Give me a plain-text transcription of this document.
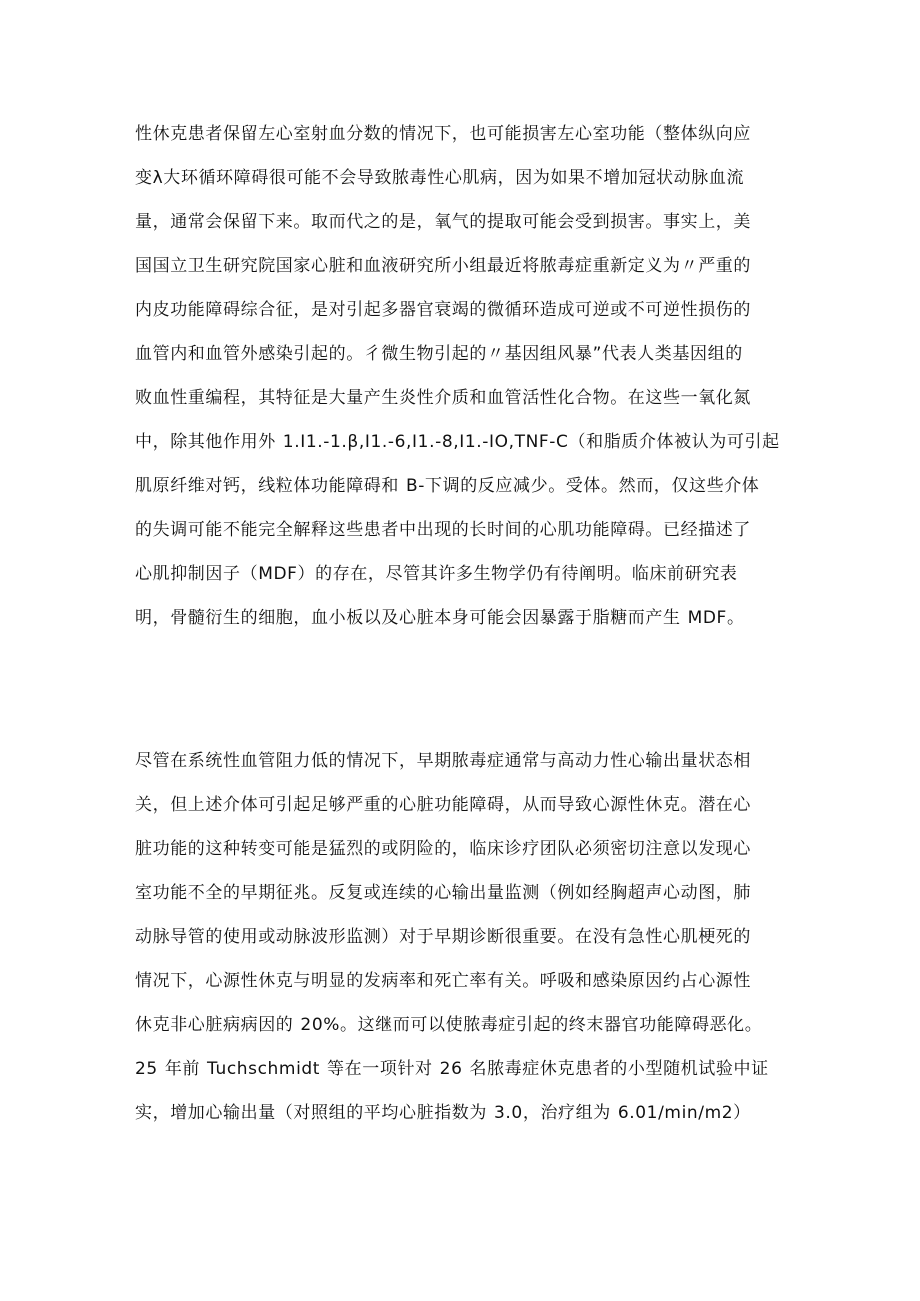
性休克患者保留左心室射血分数的情况下，也可能损害左心室功能（整体纵向应
变λ大环循环障碍很可能不会导致脓毒性心肌病，因为如果不增加冠状动脉血流
量，通常会保留下来。取而代之的是，氧气的提取可能会受到损害。事实上，美
国国立卫生研究院国家心脏和血液研究所小组最近将脓毒症重新定义为〃严重的
内皮功能障碍综合征，是对引起多器官衰竭的微循环造成可逆或不可逆性损伤的
血管内和血管外感染引起的。彳微生物引起的〃基因组风暴”代表人类基因组的
败血性重编程，其特征是大量产生炎性介质和血管活性化合物。在这些一氧化氮
中，除其他作用外 1.I1.-1.β,I1.-6,I1.-8,I1.-IO,TNF-C（和脂质介体被认为可引起
肌原纤维对钙，线粒体功能障碍和 B-下调的反应减少。受体。然而，仅这些介体
的失调可能不能完全解释这些患者中出现的长时间的心肌功能障碍。已经描述了
心肌抑制因子（MDF）的存在，尽管其许多生物学仍有待阐明。临床前研究表
明，骨髓衍生的细胞，血小板以及心脏本身可能会因暴露于脂糖而产生 MDF。
尽管在系统性血管阻力低的情况下，早期脓毒症通常与高动力性心输出量状态相
关，但上述介体可引起足够严重的心脏功能障碍，从而导致心源性休克。潜在心
脏功能的这种转变可能是猛烈的或阴险的，临床诊疗团队必须密切注意以发现心
室功能不全的早期征兆。反复或连续的心输出量监测（例如经胸超声心动图，肺
动脉导管的使用或动脉波形监测）对于早期诊断很重要。在没有急性心肌梗死的
情况下，心源性休克与明显的发病率和死亡率有关。呼吸和感染原因约占心源性
休克非心脏病病因的 20%。这继而可以使脓毒症引起的终末器官功能障碍恶化。
25 年前 Tuchschmidt 等在一项针对 26 名脓毒症休克患者的小型随机试验中证
实，增加心输出量（对照组的平均心脏指数为 3.0，治疗组为 6.01∕min∕m2）
